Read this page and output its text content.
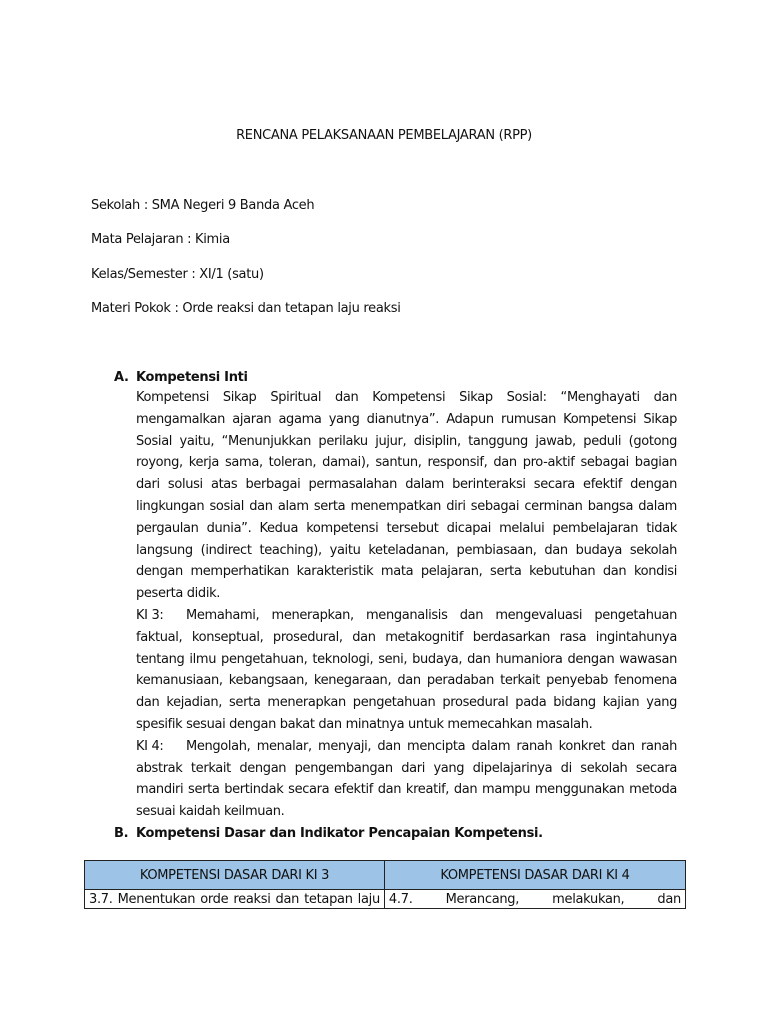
RENCANA PELAKSANAAN PEMBELAJARAN (RPP)
Sekolah : SMA Negeri 9 Banda Aceh
Mata Pelajaran : Kimia
Kelas/Semester : XI/1 (satu)
Materi Pokok : Orde reaksi dan tetapan laju reaksi
A. Kompetensi Inti

Kompetensi Sikap Spiritual dan Kompetensi Sikap Sosial: “Menghayati dan mengamalkan ajaran agama yang dianutnya”. Adapun rumusan Kompetensi Sikap Sosial yaitu, “Menunjukkan perilaku jujur, disiplin, tanggung jawab, peduli (gotong royong, kerja sama, toleran, damai), santun, responsif, dan pro-aktif sebagai bagian dari solusi atas berbagai permasalahan dalam berinteraksi secara efektif dengan lingkungan sosial dan alam serta menempatkan diri sebagai cerminan bangsa dalam pergaulan dunia”. Kedua kompetensi tersebut dicapai melalui pembelajaran tidak langsung (indirect teaching), yaitu keteladanan, pembiasaan, dan budaya sekolah dengan memperhatikan karakteristik mata pelajaran, serta kebutuhan dan kondisi peserta didik.

KI 3: Memahami, menerapkan, menganalisis dan mengevaluasi pengetahuan faktual, konseptual, prosedural, dan metakognitif berdasarkan rasa ingintahunya tentang ilmu pengetahuan, teknologi, seni, budaya, dan humaniora dengan wawasan kemanusiaan, kebangsaan, kenegaraan, dan peradaban terkait penyebab fenomena dan kejadian, serta menerapkan pengetahuan prosedural pada bidang kajian yang spesifik sesuai dengan bakat dan minatnya untuk memecahkan masalah.

KI 4: Mengolah, menalar, menyaji, dan mencipta dalam ranah konkret dan ranah abstrak terkait dengan pengembangan dari yang dipelajarinya di sekolah secara mandiri serta bertindak secara efektif dan kreatif, dan mampu menggunakan metoda sesuai kaidah keilmuan.

B. Kompetensi Dasar dan Indikator Pencapaian Kompetensi.
KOMPETENSI DASAR DARI KI 3	KOMPETENSI DASAR DARI KI 4
3.7. Menentukan orde reaksi dan tetapan laju	4.7. Merancang, melakukan, dan
